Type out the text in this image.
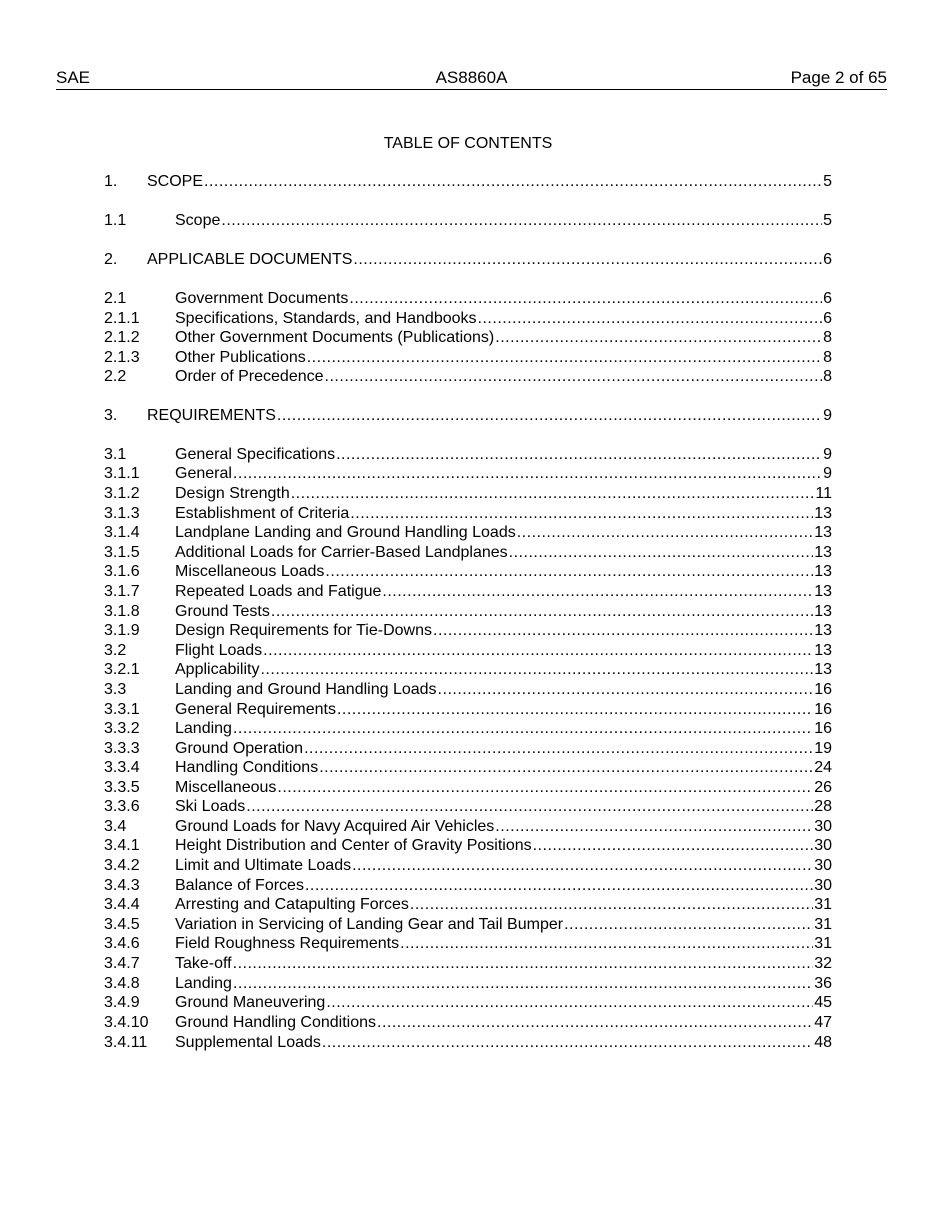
SAE	AS8860A	Page 2 of 65
TABLE OF CONTENTS
1. SCOPE .....	5
1.1	Scope .....	5
2. APPLICABLE DOCUMENTS .....	6
2.1	Government Documents .....	6
2.1.1 Specifications, Standards, and Handbooks .....	6
2.1.2 Other Government Documents (Publications) .....	8
2.1.3 Other Publications .....	8
2.2	Order of Precedence .....	8
3. REQUIREMENTS .....	9
3.1	General Specifications .....	9
3.1.1 General .....	9
3.1.2 Design Strength .....	11
3.1.3 Establishment of Criteria .....	13
3.1.4 Landplane Landing and Ground Handling Loads .....	13
3.1.5 Additional Loads for Carrier-Based Landplanes .....	13
3.1.6 Miscellaneous Loads .....	13
3.1.7 Repeated Loads and Fatigue .....	13
3.1.8 Ground Tests .....	13
3.1.9 Design Requirements for Tie-Downs .....	13
3.2	Flight Loads .....	13
3.2.1 Applicability .....	13
3.3	Landing and Ground Handling Loads .....	16
3.3.1 General Requirements .....	16
3.3.2 Landing .....	16
3.3.3 Ground Operation .....	19
3.3.4 Handling Conditions .....	24
3.3.5 Miscellaneous .....	26
3.3.6 Ski Loads .....	28
3.4	Ground Loads for Navy Acquired Air Vehicles .....	30
3.4.1 Height Distribution and Center of Gravity Positions .....	30
3.4.2 Limit and Ultimate Loads .....	30
3.4.3 Balance of Forces .....	30
3.4.4 Arresting and Catapulting Forces .....	31
3.4.5 Variation in Servicing of Landing Gear and Tail Bumper .....	31
3.4.6 Field Roughness Requirements .....	31
3.4.7 Take-off .....	32
3.4.8 Landing .....	36
3.4.9 Ground Maneuvering .....	45
3.4.10 Ground Handling Conditions .....	47
3.4.11 Supplemental Loads .....	48
